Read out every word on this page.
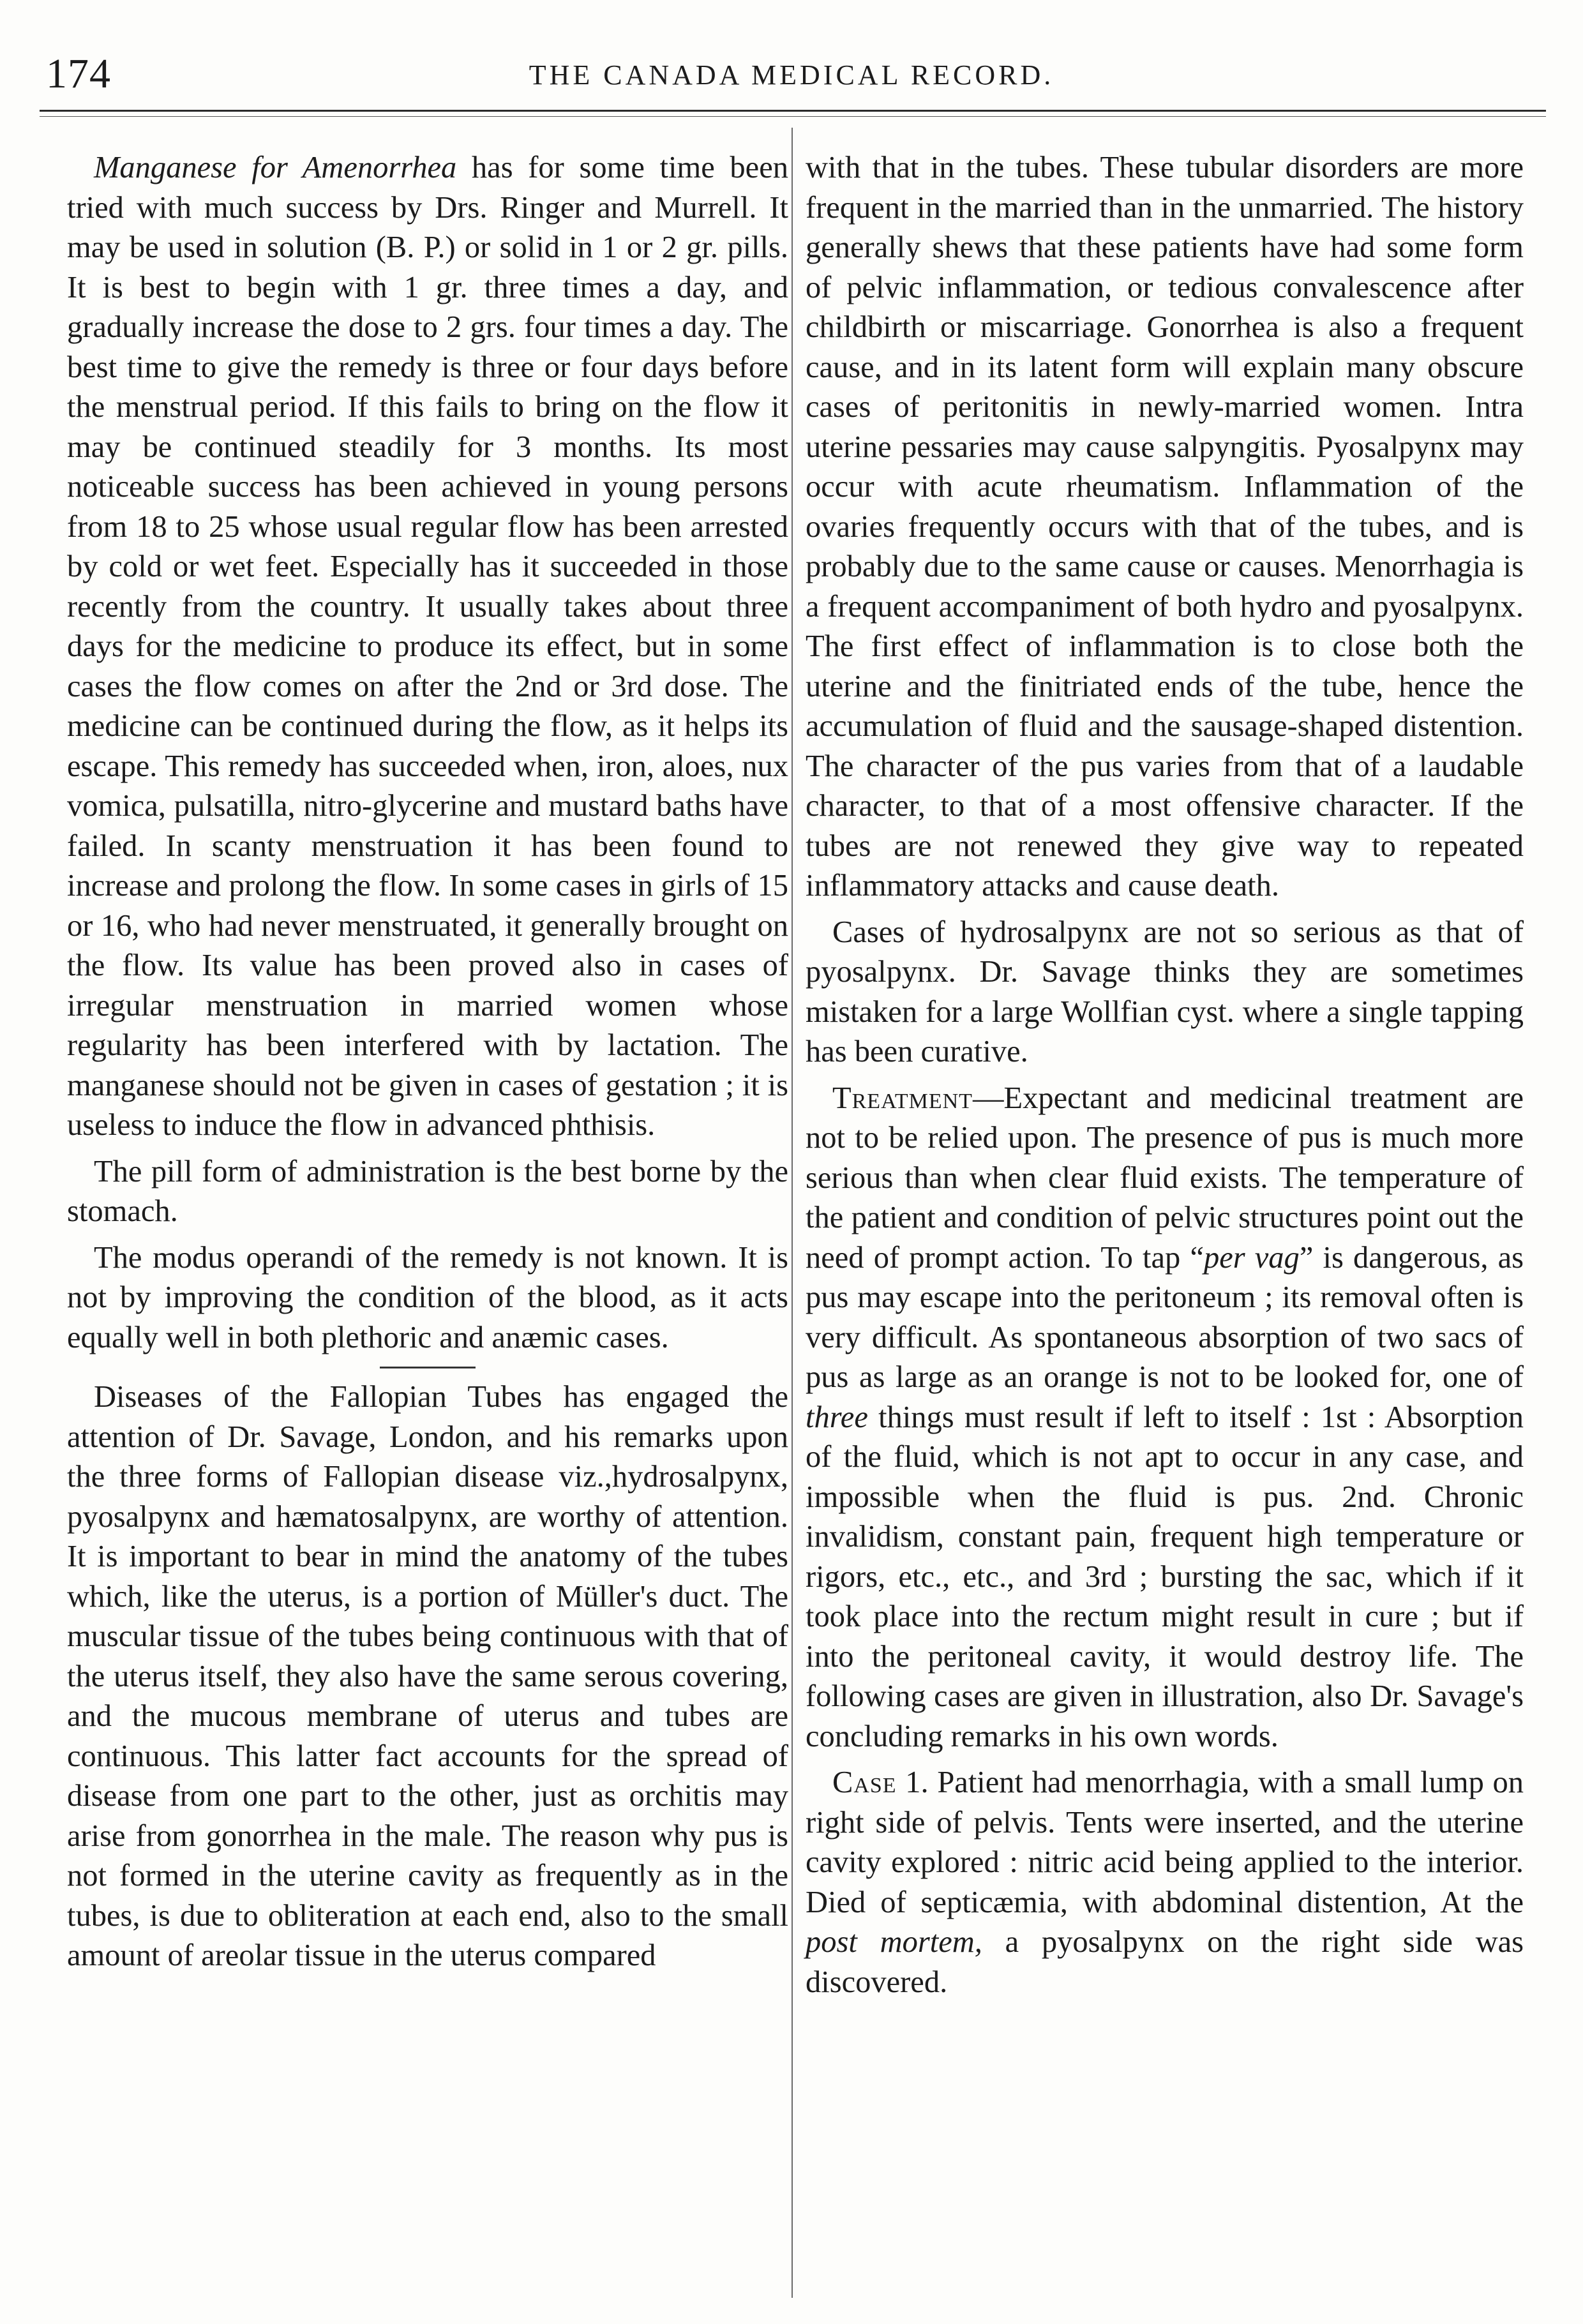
174	THE CANADA MEDICAL RECORD.

Manganese for Amenorrhea has for some time been tried with much success by Drs. Ringer and Murrell. It may be used in solution (B. P.) or solid in 1 or 2 gr. pills. It is best to begin with 1 gr. three times a day, and gradually increase the dose to 2 grs. four times a day. The best time to give the remedy is three or four days before the menstrual period. If this fails to bring on the flow it may be continued steadily for 3 months. Its most noticeable success has been achieved in young persons from 18 to 25 whose usual regular flow has been arrested by cold or wet feet. Especially has it succeeded in those recently from the country. It usually takes about three days for the medicine to produce its effect, but in some cases the flow comes on after the 2nd or 3rd dose. The medicine can be continued during the flow, as it helps its escape. This remedy has succeeded when, iron, aloes, nux vomica, pulsatilla, nitro-glycerine and mustard baths have failed. In scanty menstruation it has been found to increase and prolong the flow. In some cases in girls of 15 or 16, who had never menstruated, it generally brought on the flow. Its value has been proved also in cases of irregular menstruation in married women whose regularity has been interfered with by lactation. The manganese should not be given in cases of gestation ; it is useless to induce the flow in advanced phthisis.

The pill form of administration is the best borne by the stomach.

The modus operandi of the remedy is not known. It is not by improving the condition of the blood, as it acts equally well in both plethoric and anæmic cases.

Diseases of the Fallopian Tubes has engaged the attention of Dr. Savage, London, and his remarks upon the three forms of Fallopian disease viz.,hydrosalpynx, pyosalpynx and hæmatosalpynx, are worthy of attention. It is important to bear in mind the anatomy of the tubes which, like the uterus, is a portion of Müller's duct. The muscular tissue of the tubes being continuous with that of the uterus itself, they also have the same serous covering, and the mucous membrane of uterus and tubes are continuous. This latter fact accounts for the spread of disease from one part to the other, just as orchitis may arise from gonorrhea in the male. The reason why pus is not formed in the uterine cavity as frequently as in the tubes, is due to obliteration at each end, also to the small amount of areolar tissue in the uterus compared

with that in the tubes. These tubular disorders are more frequent in the married than in the unmarried. The history generally shews that these patients have had some form of pelvic inflammation, or tedious convalescence after childbirth or miscarriage. Gonorrhea is also a frequent cause, and in its latent form will explain many obscure cases of peritonitis in newly-married women. Intra uterine pessaries may cause salpyngitis. Pyosalpynx may occur with acute rheumatism. Inflammation of the ovaries frequently occurs with that of the tubes, and is probably due to the same cause or causes. Menorrhagia is a frequent accompaniment of both hydro and pyosalpynx. The first effect of inflammation is to close both the uterine and the finitriated ends of the tube, hence the accumulation of fluid and the sausage-shaped distention. The character of the pus varies from that of a laudable character, to that of a most offensive character. If the tubes are not renewed they give way to repeated inflammatory attacks and cause death.

Cases of hydrosalpynx are not so serious as that of pyosalpynx. Dr. Savage thinks they are sometimes mistaken for a large Wollfian cyst. where a single tapping has been curative.

Treatment—Expectant and medicinal treatment are not to be relied upon. The presence of pus is much more serious than when clear fluid exists. The temperature of the patient and condition of pelvic structures point out the need of prompt action. To tap “per vag” is dangerous, as pus may escape into the peritoneum ; its removal often is very difficult. As spontaneous absorption of two sacs of pus as large as an orange is not to be looked for, one of three things must result if left to itself : 1st : Absorption of the fluid, which is not apt to occur in any case, and impossible when the fluid is pus. 2nd. Chronic invalidism, constant pain, frequent high temperature or rigors, etc., etc., and 3rd ; bursting the sac, which if it took place into the rectum might result in cure ; but if into the peritoneal cavity, it would destroy life. The following cases are given in illustration, also Dr. Savage's concluding remarks in his own words.

Case 1. Patient had menorrhagia, with a small lump on right side of pelvis. Tents were inserted, and the uterine cavity explored : nitric acid being applied to the interior. Died of septicæmia, with abdominal distention, At the post mortem, a pyosalpynx on the right side was discovered.
